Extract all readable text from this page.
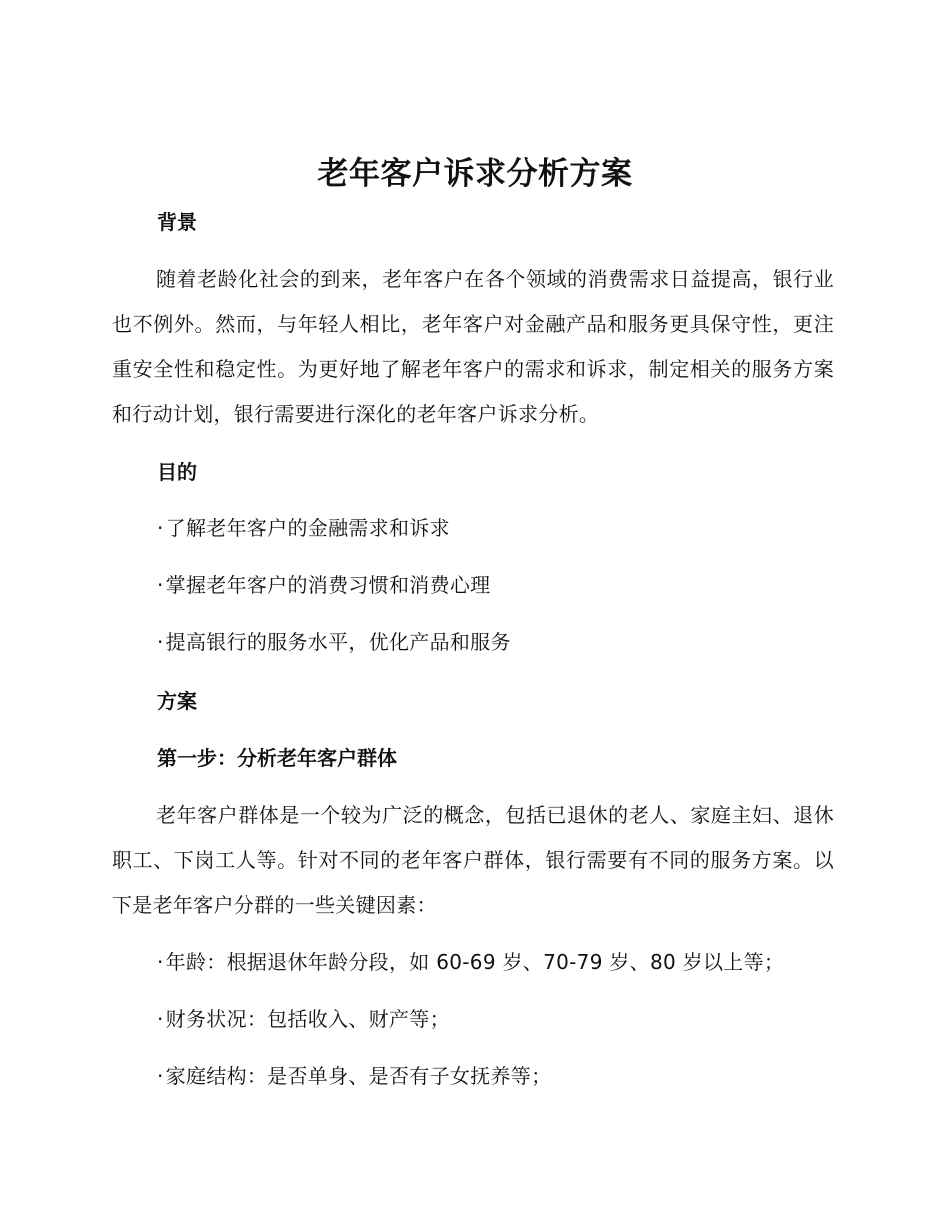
老年客户诉求分析方案
背景
随着老龄化社会的到来，老年客户在各个领域的消费需求日益提高，银行业也不例外。然而，与年轻人相比，老年客户对金融产品和服务更具保守性，更注重安全性和稳定性。为更好地了解老年客户的需求和诉求，制定相关的服务方案和行动计划，银行需要进行深化的老年客户诉求分析。
目的
· 了解老年客户的金融需求和诉求
· 掌握老年客户的消费习惯和消费心理
· 提高银行的服务水平，优化产品和服务
方案
第一步：分析老年客户群体
老年客户群体是一个较为广泛的概念，包括已退休的老人、家庭主妇、退休职工、下岗工人等。针对不同的老年客户群体，银行需要有不同的服务方案。以下是老年客户分群的一些关键因素：
· 年龄：根据退休年龄分段，如 60-69 岁、70-79 岁、80 岁以上等；
· 财务状况：包括收入、财产等；
· 家庭结构：是否单身、是否有子女抚养等；
